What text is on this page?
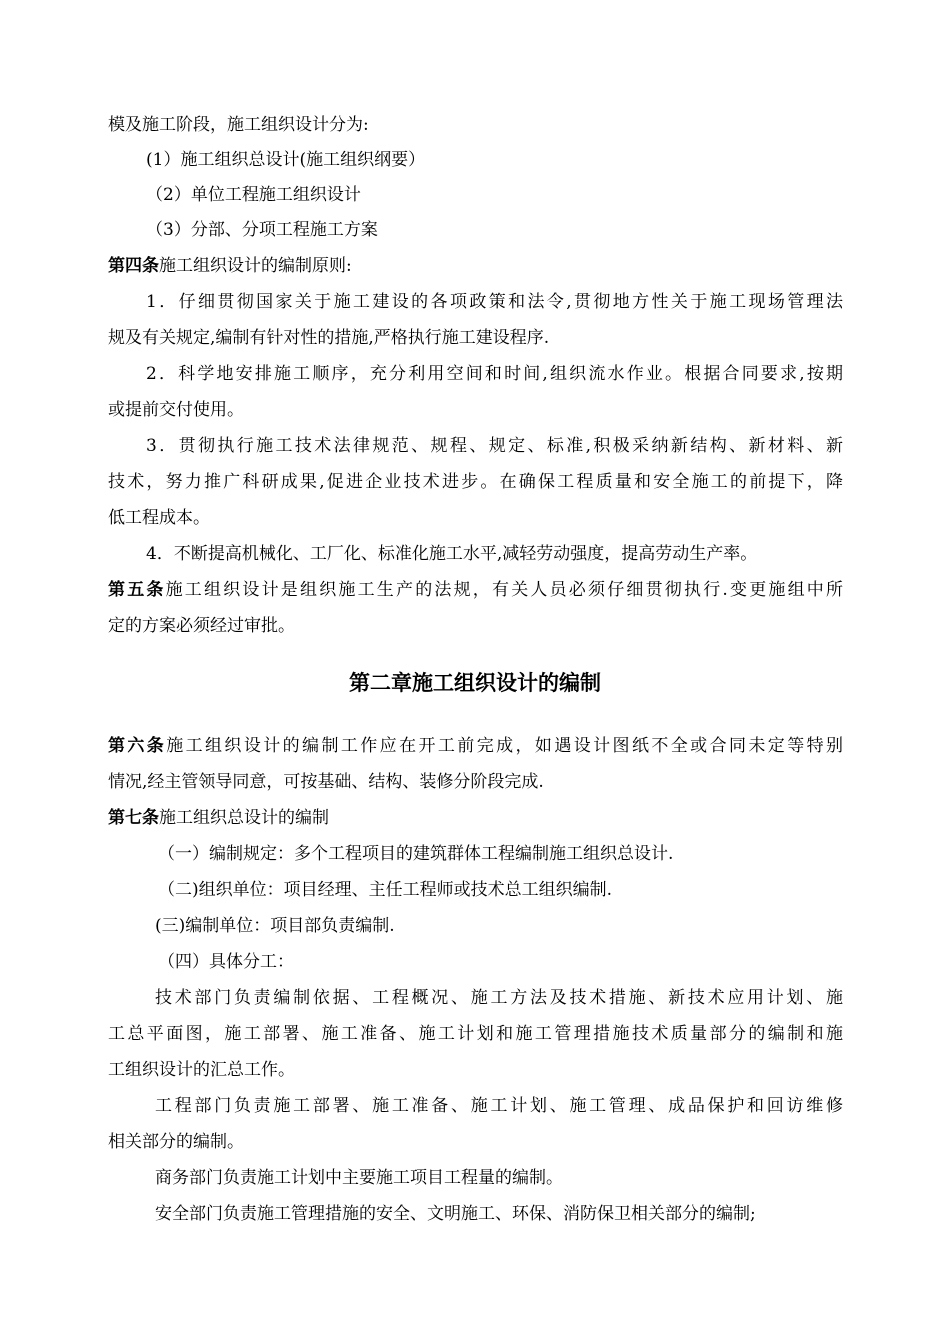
模及施工阶段，施工组织设计分为:
(1）施工组织总设计(施工组织纲要）
（2）单位工程施工组织设计
（3）分部、分项工程施工方案
第四条施工组织设计的编制原则:
1．仔细贯彻国家关于施工建设的各项政策和法令,贯彻地方性关于施工现场管理法
规及有关规定,编制有针对性的措施,严格执行施工建设程序.
2．科学地安排施工顺序，充分利用空间和时间,组织流水作业。根据合同要求,按期
或提前交付使用。
3．贯彻执行施工技术法律规范、规程、规定、标准,积极采纳新结构、新材料、新
技术，努力推广科研成果,促进企业技术进步。在确保工程质量和安全施工的前提下，降
低工程成本。
4．不断提高机械化、工厂化、标准化施工水平,减轻劳动强度，提高劳动生产率。
第五条施工组织设计是组织施工生产的法规，有关人员必须仔细贯彻执行.变更施组中所
定的方案必须经过审批。
第二章施工组织设计的编制
第六条施工组织设计的编制工作应在开工前完成，如遇设计图纸不全或合同未定等特别
情况,经主管领导同意，可按基础、结构、装修分阶段完成.
第七条施工组织总设计的编制
（一）编制规定：多个工程项目的建筑群体工程编制施工组织总设计.
（二)组织单位：项目经理、主任工程师或技术总工组织编制.
(三)编制单位：项目部负责编制.
（四）具体分工：
技术部门负责编制依据、工程概况、施工方法及技术措施、新技术应用计划、施
工总平面图，施工部署、施工准备、施工计划和施工管理措施技术质量部分的编制和施
工组织设计的汇总工作。
工程部门负责施工部署、施工准备、施工计划、施工管理、成品保护和回访维修
相关部分的编制。
商务部门负责施工计划中主要施工项目工程量的编制。
安全部门负责施工管理措施的安全、文明施工、环保、消防保卫相关部分的编制;
